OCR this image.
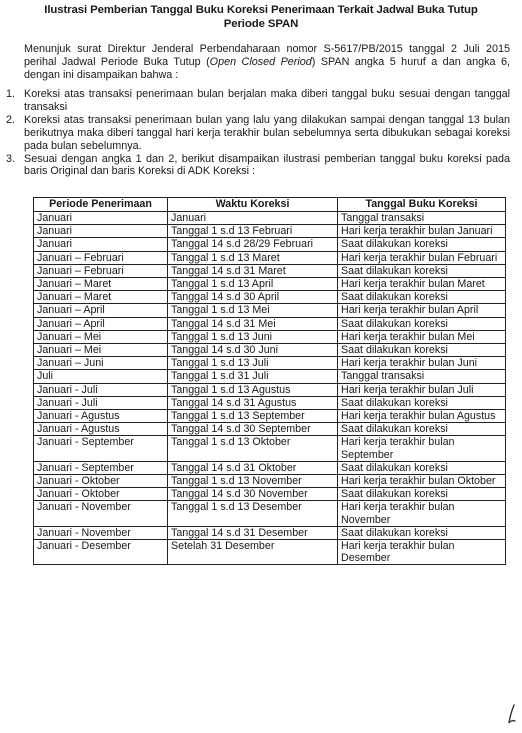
Ilustrasi Pemberian Tanggal Buku Koreksi Penerimaan Terkait Jadwal Buka Tutup
Periode SPAN
Menunjuk surat Direktur Jenderal Perbendaharaan nomor S-5617/PB/2015 tanggal 2 Juli 2015 perihal Jadwal Periode Buka Tutup (Open Closed Period) SPAN angka 5 huruf a dan angka 6, dengan ini disampaikan bahwa :
1. Koreksi atas transaksi penerimaan bulan berjalan maka diberi tanggal buku sesuai dengan tanggal transaksi
2. Koreksi atas transaksi penerimaan bulan yang lalu yang dilakukan sampai dengan tanggal 13 bulan berikutnya maka diberi tanggal hari kerja terakhir bulan sebelumnya serta dibukukan sebagai koreksi pada bulan sebelumnya.
3. Sesuai dengan angka 1 dan 2, berikut disampaikan ilustrasi pemberian tanggal buku koreksi pada baris Original dan baris Koreksi di ADK Koreksi :
Periode Penerimaan	Waktu Koreksi	Tanggal Buku Koreksi
Januari	Januari	Tanggal transaksi
Januari	Tanggal 1 s.d 13 Februari	Hari kerja terakhir bulan Januari
Januari	Tanggal 14 s.d 28/29 Februari	Saat dilakukan koreksi
Januari – Februari	Tanggal 1 s.d 13 Maret	Hari kerja terakhir bulan Februari
Januari – Februari	Tanggal 14 s.d 31 Maret	Saat dilakukan koreksi
Januari – Maret	Tanggal 1 s.d 13 April	Hari kerja terakhir bulan Maret
Januari – Maret	Tanggal 14 s.d 30 April	Saat dilakukan koreksi
Januari – April	Tanggal 1 s.d 13 Mei	Hari kerja terakhir bulan April
Januari – April	Tanggal 14 s.d 31 Mei	Saat dilakukan koreksi
Januari – Mei	Tanggal 1 s.d 13 Juni	Hari kerja terakhir bulan Mei
Januari – Mei	Tanggal 14 s.d 30 Juni	Saat dilakukan koreksi
Januari – Juni	Tanggal 1 s.d 13 Juli	Hari kerja terakhir bulan Juni
Juli	Tanggal 1 s.d 31 Juli	Tanggal transaksi
Januari - Juli	Tanggal 1 s.d 13 Agustus	Hari kerja terakhir bulan Juli
Januari - Juli	Tanggal 14 s.d 31 Agustus	Saat dilakukan koreksi
Januari - Agustus	Tanggal 1 s.d 13 September	Hari kerja terakhir bulan Agustus
Januari - Agustus	Tanggal 14 s.d 30 September	Saat dilakukan koreksi
Januari - September	Tanggal 1 s.d 13 Oktober	Hari kerja terakhir bulan September
Januari - September	Tanggal 14 s.d 31 Oktober	Saat dilakukan koreksi
Januari - Oktober	Tanggal 1 s.d 13 November	Hari kerja terakhir bulan Oktober
Januari - Oktober	Tanggal 14 s.d 30 November	Saat dilakukan koreksi
Januari - November	Tanggal 1 s.d 13 Desember	Hari kerja terakhir bulan November
Januari - November	Tanggal 14 s.d 31 Desember	Saat dilakukan koreksi
Januari - Desember	Setelah 31 Desember	Hari kerja terakhir bulan Desember
